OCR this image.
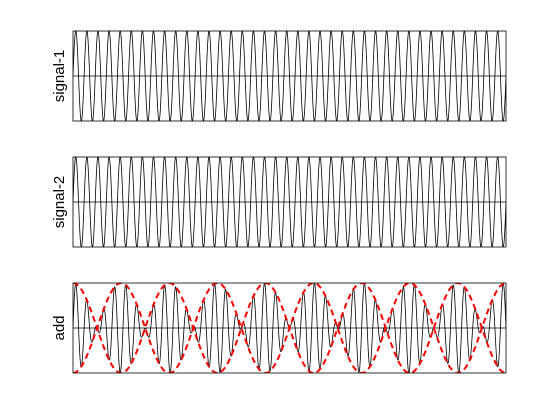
signal-1
signal-2
add
